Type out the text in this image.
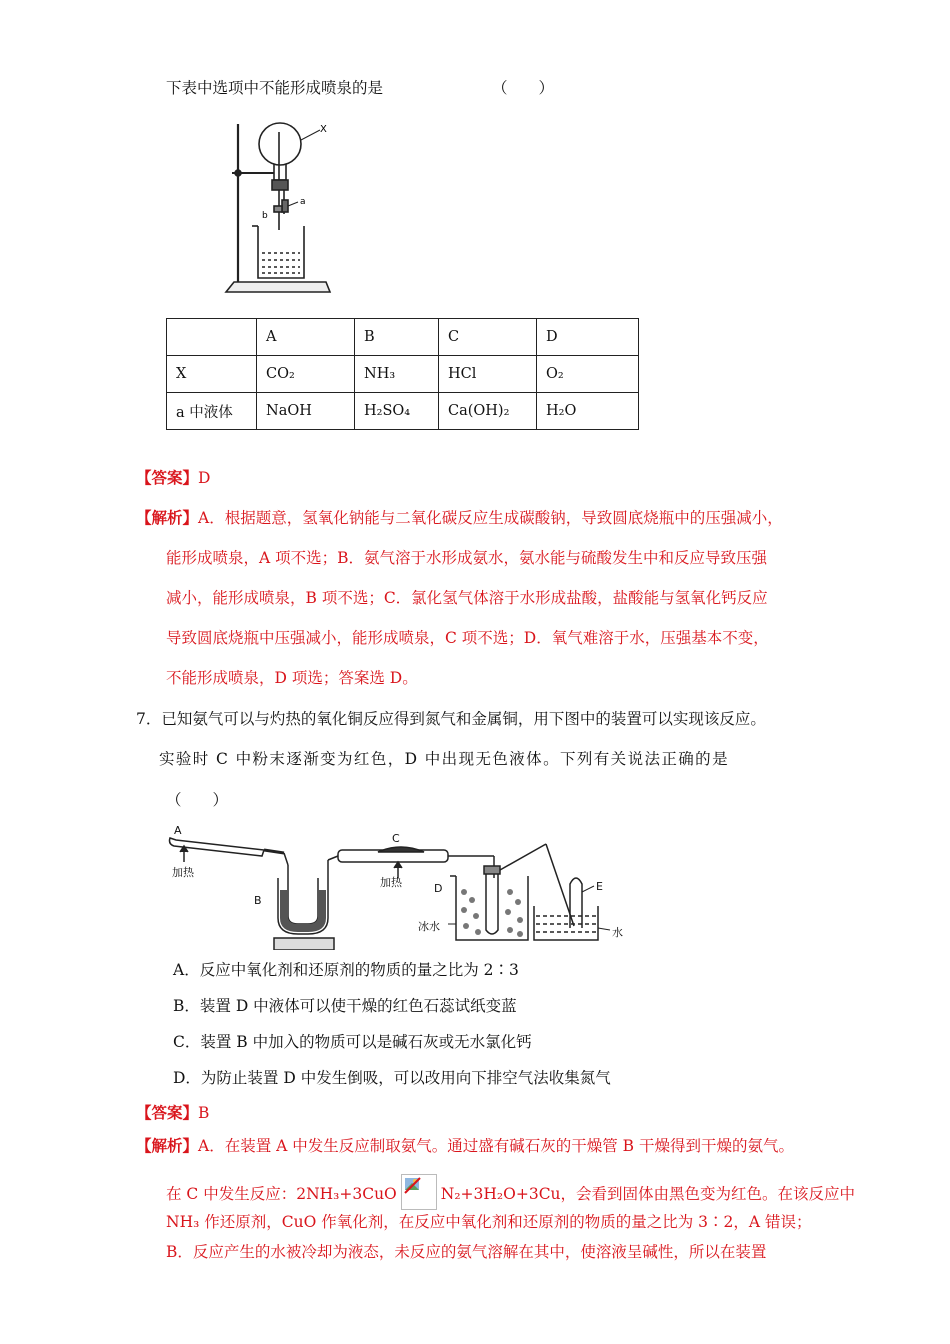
下表中选项中不能形成喷泉的是	（　　）
X
a
b
	A	B	C	D
X	CO₂	NH₃	HCl	O₂
a 中液体	NaOH	H₂SO₄	Ca(OH)₂	H₂O
【答案】D
【解析】A．根据题意，氢氧化钠能与二氧化碳反应生成碳酸钠，导致圆底烧瓶中的压强减小，
能形成喷泉，A 项不选；B．氨气溶于水形成氨水，氨水能与硫酸发生中和反应导致压强
减小，能形成喷泉，B 项不选；C．氯化氢气体溶于水形成盐酸，盐酸能与氢氧化钙反应
导致圆底烧瓶中压强减小，能形成喷泉，C 项不选；D．氧气难溶于水，压强基本不变，
不能形成喷泉，D 项选；答案选 D。
7．已知氨气可以与灼热的氧化铜反应得到氮气和金属铜，用下图中的装置可以实现该反应。
实验时 C 中粉末逐渐变为红色，D 中出现无色液体。下列有关说法正确的是
（　　）
A
加热
B
C
加热	D
冰水
E
水
A．反应中氧化剂和还原剂的物质的量之比为 2∶3
B．装置 D 中液体可以使干燥的红色石蕊试纸变蓝
C．装置 B 中加入的物质可以是碱石灰或无水氯化钙
D．为防止装置 D 中发生倒吸，可以改用向下排空气法收集氮气
【答案】B
【解析】A．在装置 A 中发生反应制取氨气。通过盛有碱石灰的干燥管 B 干燥得到干燥的氨气。
在 C 中发生反应：2NH₃+3CuO	N₂+3H₂O+3Cu，会看到固体由黑色变为红色。在该反应中
NH₃ 作还原剂，CuO 作氧化剂，在反应中氧化剂和还原剂的物质的量之比为 3∶2，A 错误；
B．反应产生的水被冷却为液态，未反应的氨气溶解在其中，使溶液呈碱性，所以在装置
